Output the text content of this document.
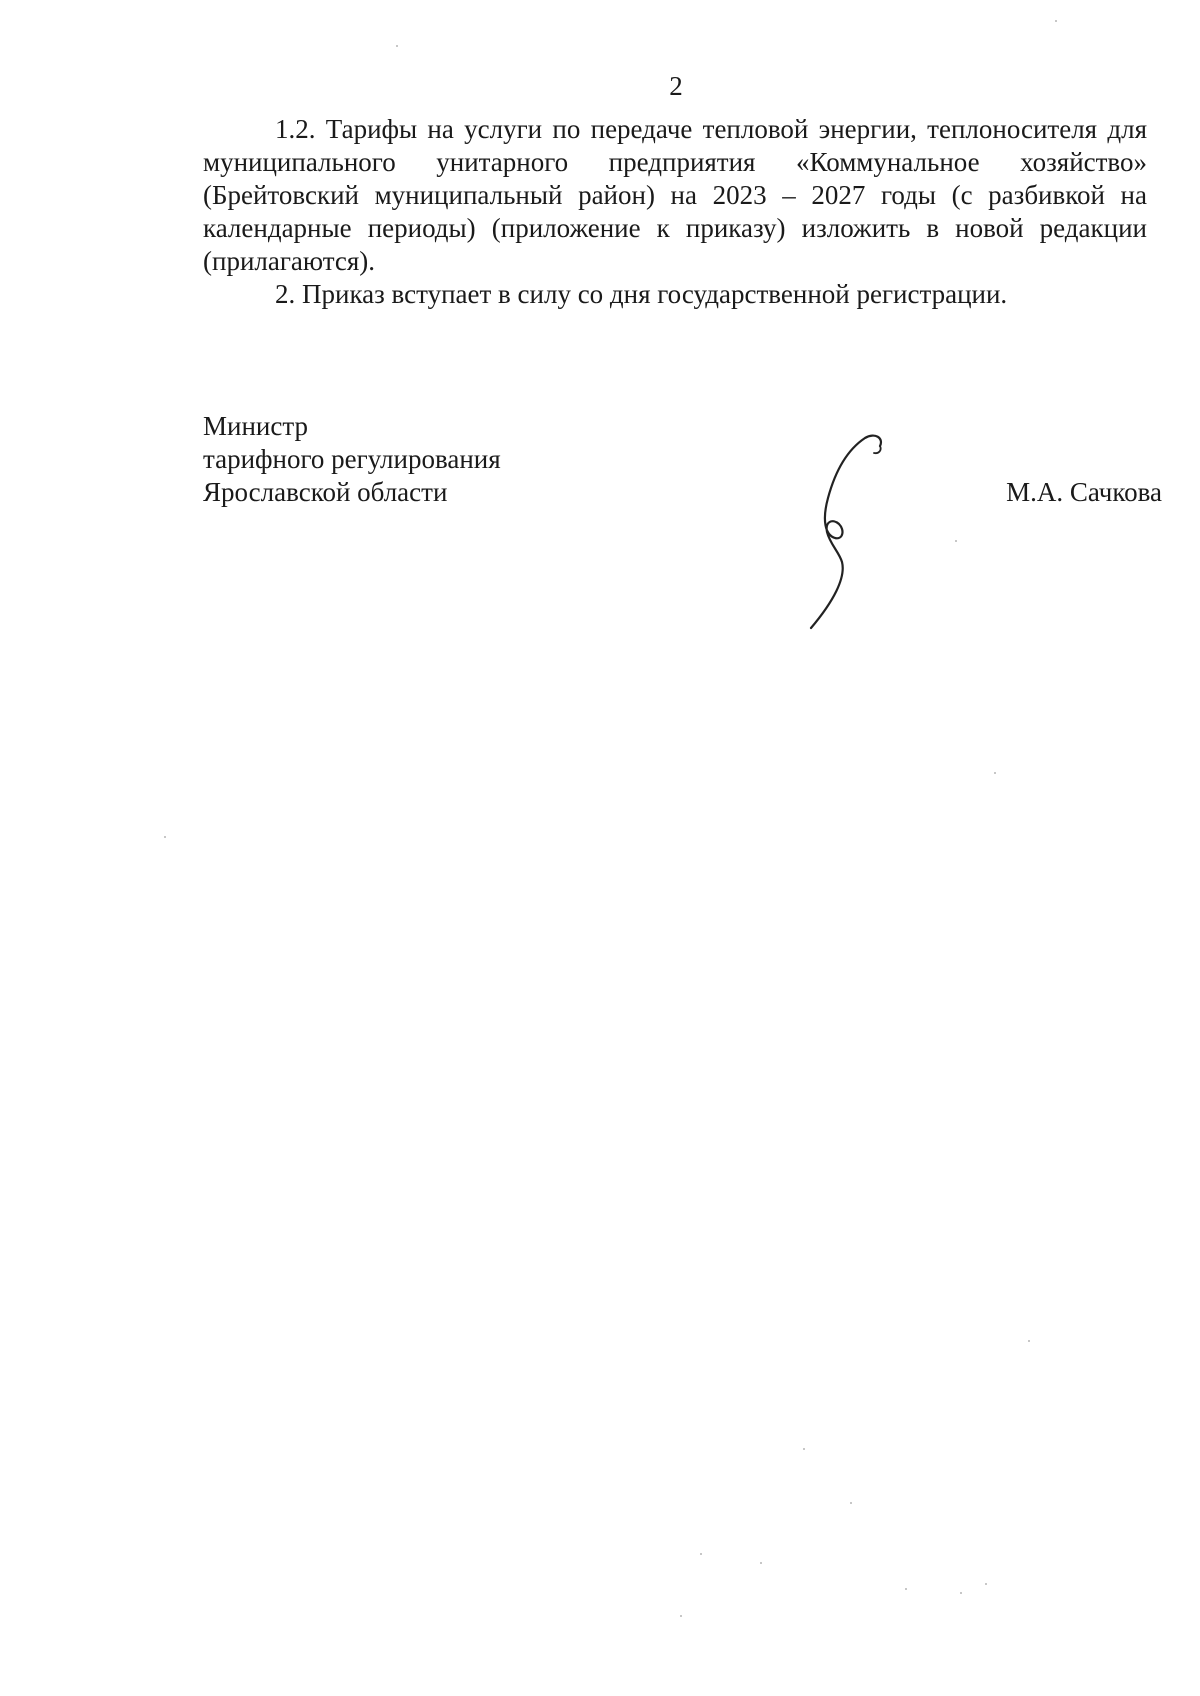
2

1.2. Тарифы на услуги по передаче тепловой энергии, теплоносителя для муниципального унитарного предприятия «Коммунальное хозяйство» (Брейтовский муниципальный район) на 2023 – 2027 годы (с разбивкой на календарные периоды) (приложение к приказу) изложить в новой редакции (прилагаются).

2. Приказ вступает в силу со дня государственной регистрации.

Министр
тарифного регулирования
Ярославской области	М.А. Сачкова
